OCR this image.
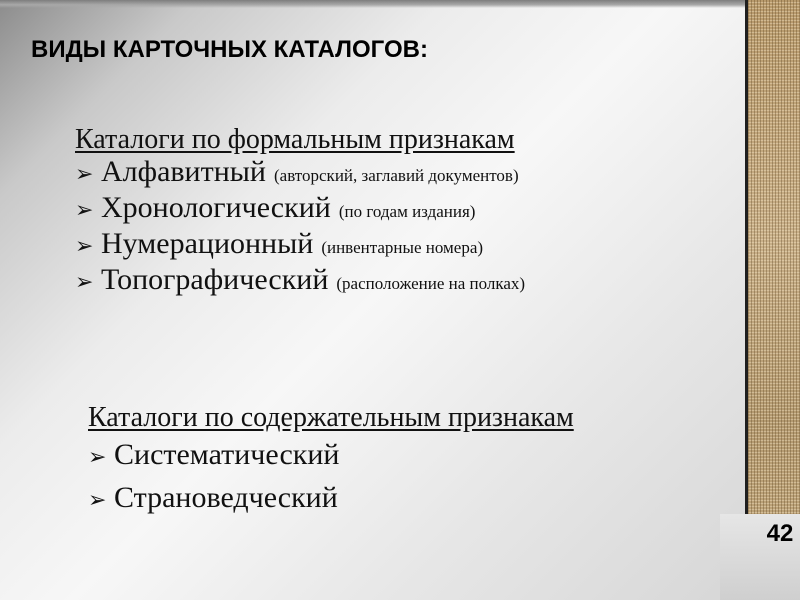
42
ВИДЫ КАРТОЧНЫХ КАТАЛОГОВ:
Каталоги по формальным признакам
➢ Алфавитный (авторский, заглавий документов)
➢ Хронологический (по годам издания)
➢ Нумерационный (инвентарные номера)
➢ Топографический (расположение на полках)
Каталоги по содержательным признакам
➢ Систематический
➢ Страноведческий
